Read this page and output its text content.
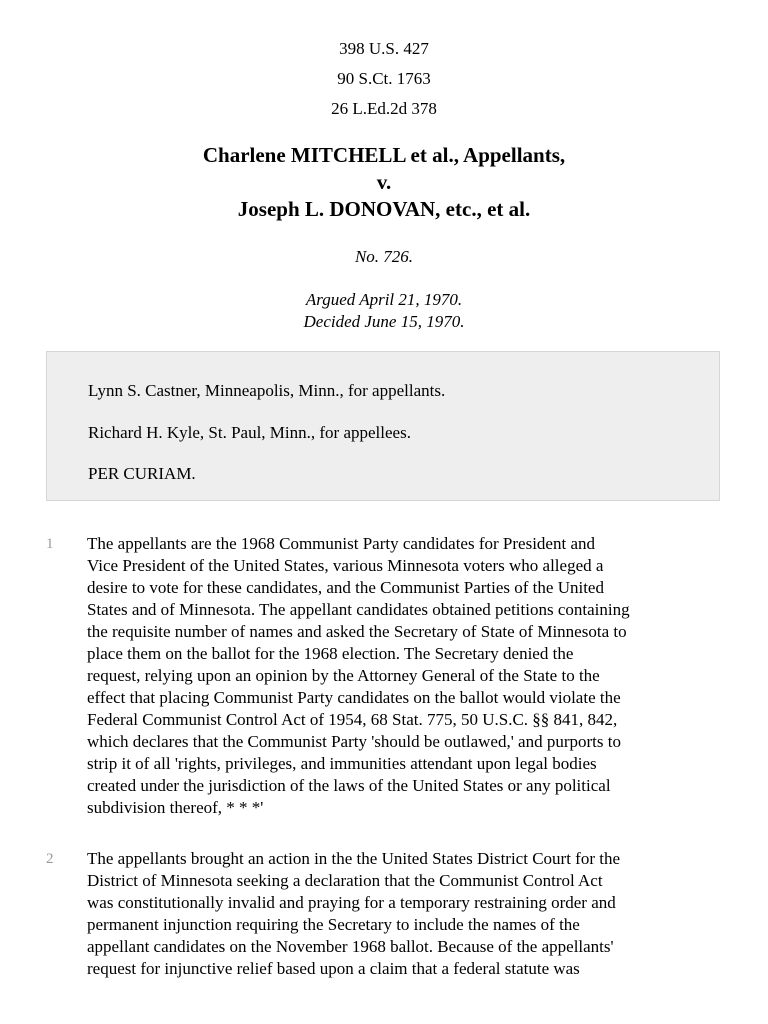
398 U.S. 427
90 S.Ct. 1763
26 L.Ed.2d 378
Charlene MITCHELL et al., Appellants,
v.
Joseph L. DONOVAN, etc., et al.
No. 726.
Argued April 21, 1970.
Decided June 15, 1970.

Lynn S. Castner, Minneapolis, Minn., for appellants.

Richard H. Kyle, St. Paul, Minn., for appellees.

PER CURIAM.

1 The appellants are the 1968 Communist Party candidates for President and
Vice President of the United States, various Minnesota voters who alleged a
desire to vote for these candidates, and the Communist Parties of the United
States and of Minnesota. The appellant candidates obtained petitions containing
the requisite number of names and asked the Secretary of State of Minnesota to
place them on the ballot for the 1968 election. The Secretary denied the
request, relying upon an opinion by the Attorney General of the State to the
effect that placing Communist Party candidates on the ballot would violate the
Federal Communist Control Act of 1954, 68 Stat. 775, 50 U.S.C. §§ 841, 842,
which declares that the Communist Party 'should be outlawed,' and purports to
strip it of all 'rights, privileges, and immunities attendant upon legal bodies
created under the jurisdiction of the laws of the United States or any political
subdivision thereof, * * *'
2 The appellants brought an action in the the United States District Court for the
District of Minnesota seeking a declaration that the Communist Control Act
was constitutionally invalid and praying for a temporary restraining order and
permanent injunction requiring the Secretary to include the names of the
appellant candidates on the November 1968 ballot. Because of the appellants'
request for injunctive relief based upon a claim that a federal statute was
